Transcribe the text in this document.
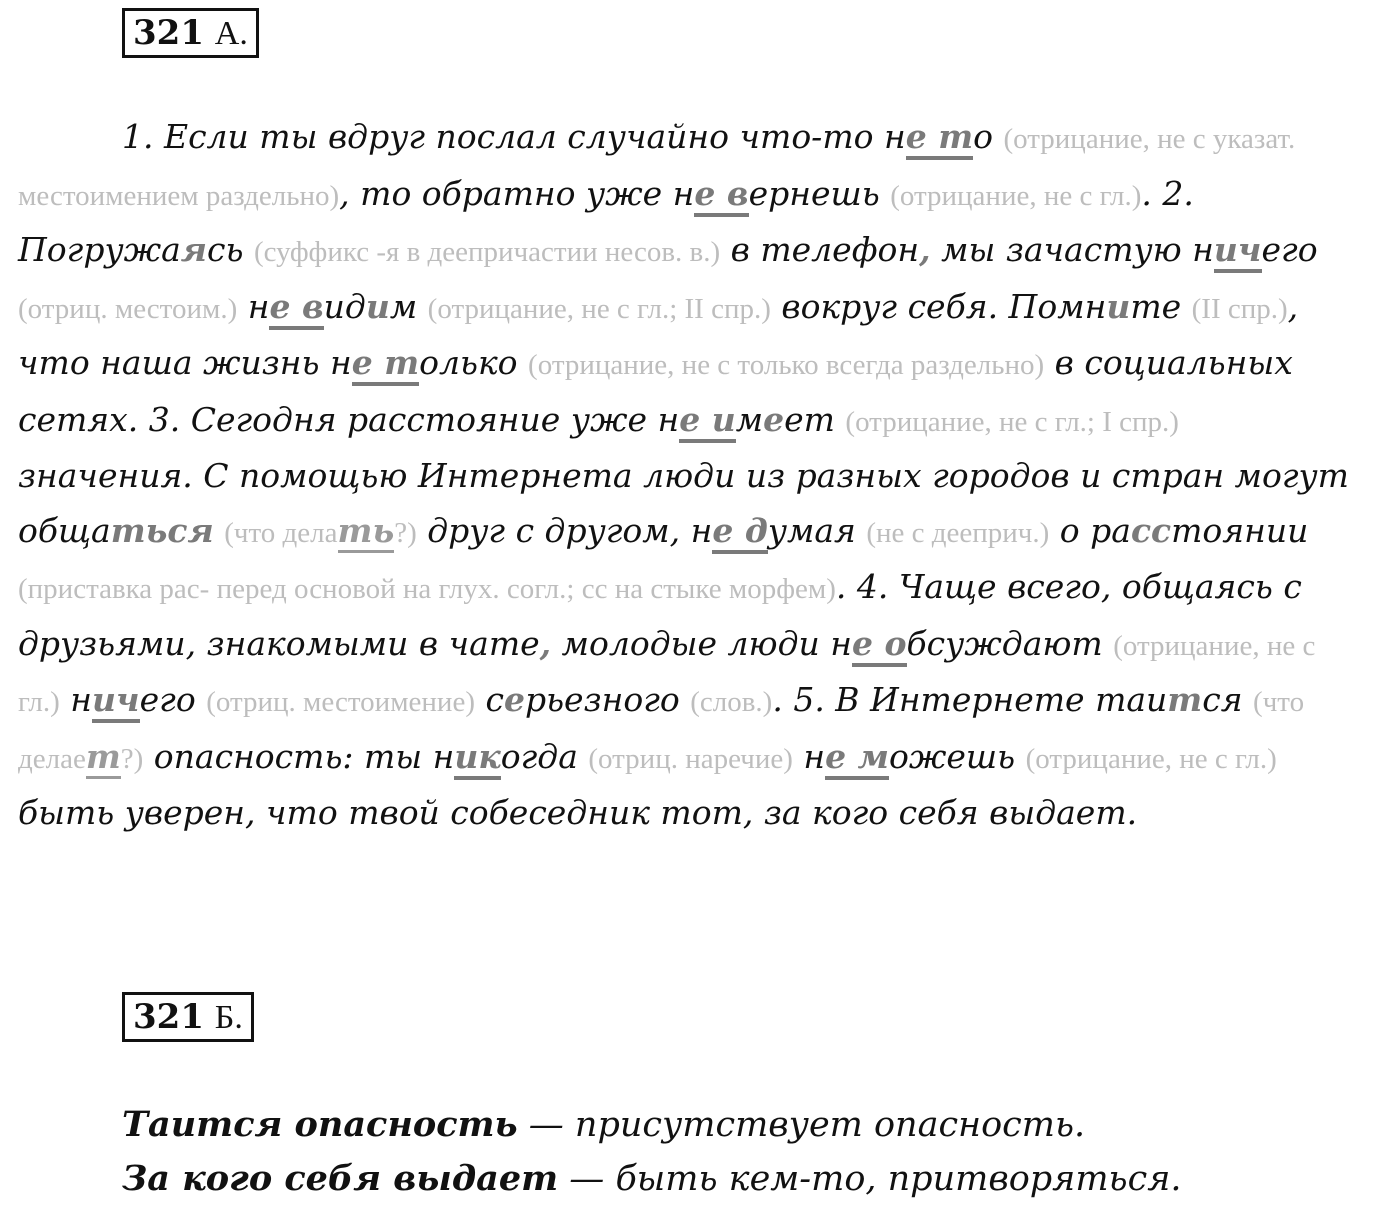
321 А.
1. Если ты вдруг послал случайно что-то не то (отрицание, не с указат. местоимением раздельно), то обратно уже не вернешь (отрицание, не с гл.). 2. Погружаясь (суффикс -я в деепричастии несов. в.) в телефон, мы зачастую ничего (отриц. местоим.) не видим (отрицание, не с гл.; II спр.) вокруг себя. Помните (II спр.), что наша жизнь не только (отрицание, не с только всегда раздельно) в социальных сетях. 3. Сегодня расстояние уже не имеет (отрицание, не с гл.; I спр.) значения. С помощью Интернета люди из разных городов и стран могут общаться (что делать?) друг с другом, не думая (не с дееприч.) о расстоянии (приставка рас- перед основой на глух. согл.; сс на стыке морфем). 4. Чаще всего, общаясь с друзьями, знакомыми в чате, молодые люди не обсуждают (отрицание, не с гл.) ничего (отриц. местоимение) серьезного (слов.). 5. В Интернете таится (что делает?) опасность: ты никогда (отриц. наречие) не можешь (отрицание, не с гл.) быть уверен, что твой собеседник тот, за кого себя выдает.
321 Б.
Таится опасность — присутствует опасность.
За кого себя выдает — быть кем-то, притворяться.
